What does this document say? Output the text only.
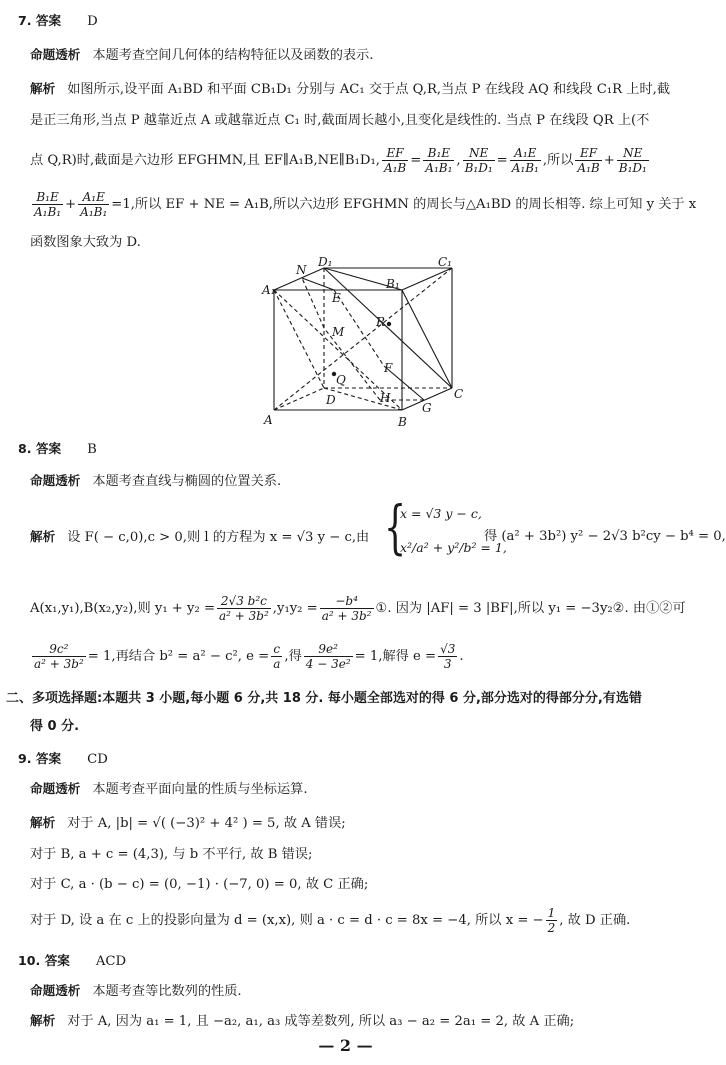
7. 答案 D
命题透析 本题考查空间几何体的结构特征以及函数的表示.
解析 如图所示,设平面 A₁BD 和平面 CB₁D₁ 分别与 AC₁ 交于点 Q,R,当点 P 在线段 AQ 和线段 C₁R 上时,截
是正三角形,当点 P 越靠近点 A 或越靠近点 C₁ 时,截面周长越小,且变化是线性的. 当点 P 在线段 QR 上(不
点 Q,R)时,截面是六边形 EFGHMN,且 EF∥A₁B,NE∥B₁D₁, $\frac{EF}{\text{A₁B}} = \frac{\text{B₁E}}{\text{A₁B₁}}$ , $\frac{NE}{\text{B₁D₁}} = \frac{\text{A₁E}}{\text{A₁B₁}}$ ,所以 $\frac{EF}{\text{A₁B}} + \frac{NE}{\text{B₁D₁}}$
$\frac{\text{B₁E}}{\text{A₁B₁}} + \frac{\text{A₁E}}{\text{A₁B₁}} =1$,所以 EF + NE = A₁B,所以六边形 EFGHMN 的周长与△A₁BD 的周长相等. 综上可知 y 关于 x
函数图象大致为 D.
A₁
N
D₁
E
B₁
C₁
R
M
F
Q
D	H	C
G
A	B
8. 答案 B
命题透析 本题考查直线与椭圆的位置关系.
解析 设 F( − c,0),c > 0,则 l 的方程为 x = √3 y − c,由 {
x = √3 y − c,
x²/a² + y²/b² = 1,
得 (a² + 3b²) y² − 2√3 b²cy − b⁴ = 0,
A(x₁,y₁),B(x₂,y₂),则 $y_1 + y_2 = \frac{\text{2√3 b²c}}{\text{a² + 3b²}} ,y_1y_2 = \frac{\text{−b⁴}}{\text{a² + 3b²}}$ ①. 因为 |AF| = 3 |BF|,所以 y₁ = −3y₂②. 由①②可
$\frac{\text{9c²}}{\text{a² + 3b²}} = 1$,再结合 b² = a² − c², $e = \frac{c}{a}$ ,得 $\frac{\text{9e²}}{\text{4 − 3e²}} = 1$,解得 $e = \frac{√3}{3}$ .
二、多项选择题:本题共 3 小题,每小题 6 分,共 18 分. 每小题全部选对的得 6 分,部分选对的得部分分,有选错
得 0 分.
9. 答案 CD
命题透析 本题考查平面向量的性质与坐标运算.
解析 对于 A, |b| = √( (−3)² + 4² ) = 5, 故 A 错误;
对于 B, a + c = (4,3), 与 b 不平行, 故 B 错误;
对于 C, a · (b − c) = (0, −1) · (−7, 0) = 0, 故 C 正确;
对于 D, 设 a 在 c 上的投影向量为 d = (x,x), 则 a · c = d · c = 8x = −4, 所以 x = − $\frac{1}{2}$ , 故 D 正确.
10. 答案 ACD
命题透析 本题考查等比数列的性质.
解析 对于 A, 因为 a₁ = 1, 且 −a₂, a₁, a₃ 成等差数列, 所以 a₃ − a₂ = 2a₁ = 2, 故 A 正确;
— 2 —
